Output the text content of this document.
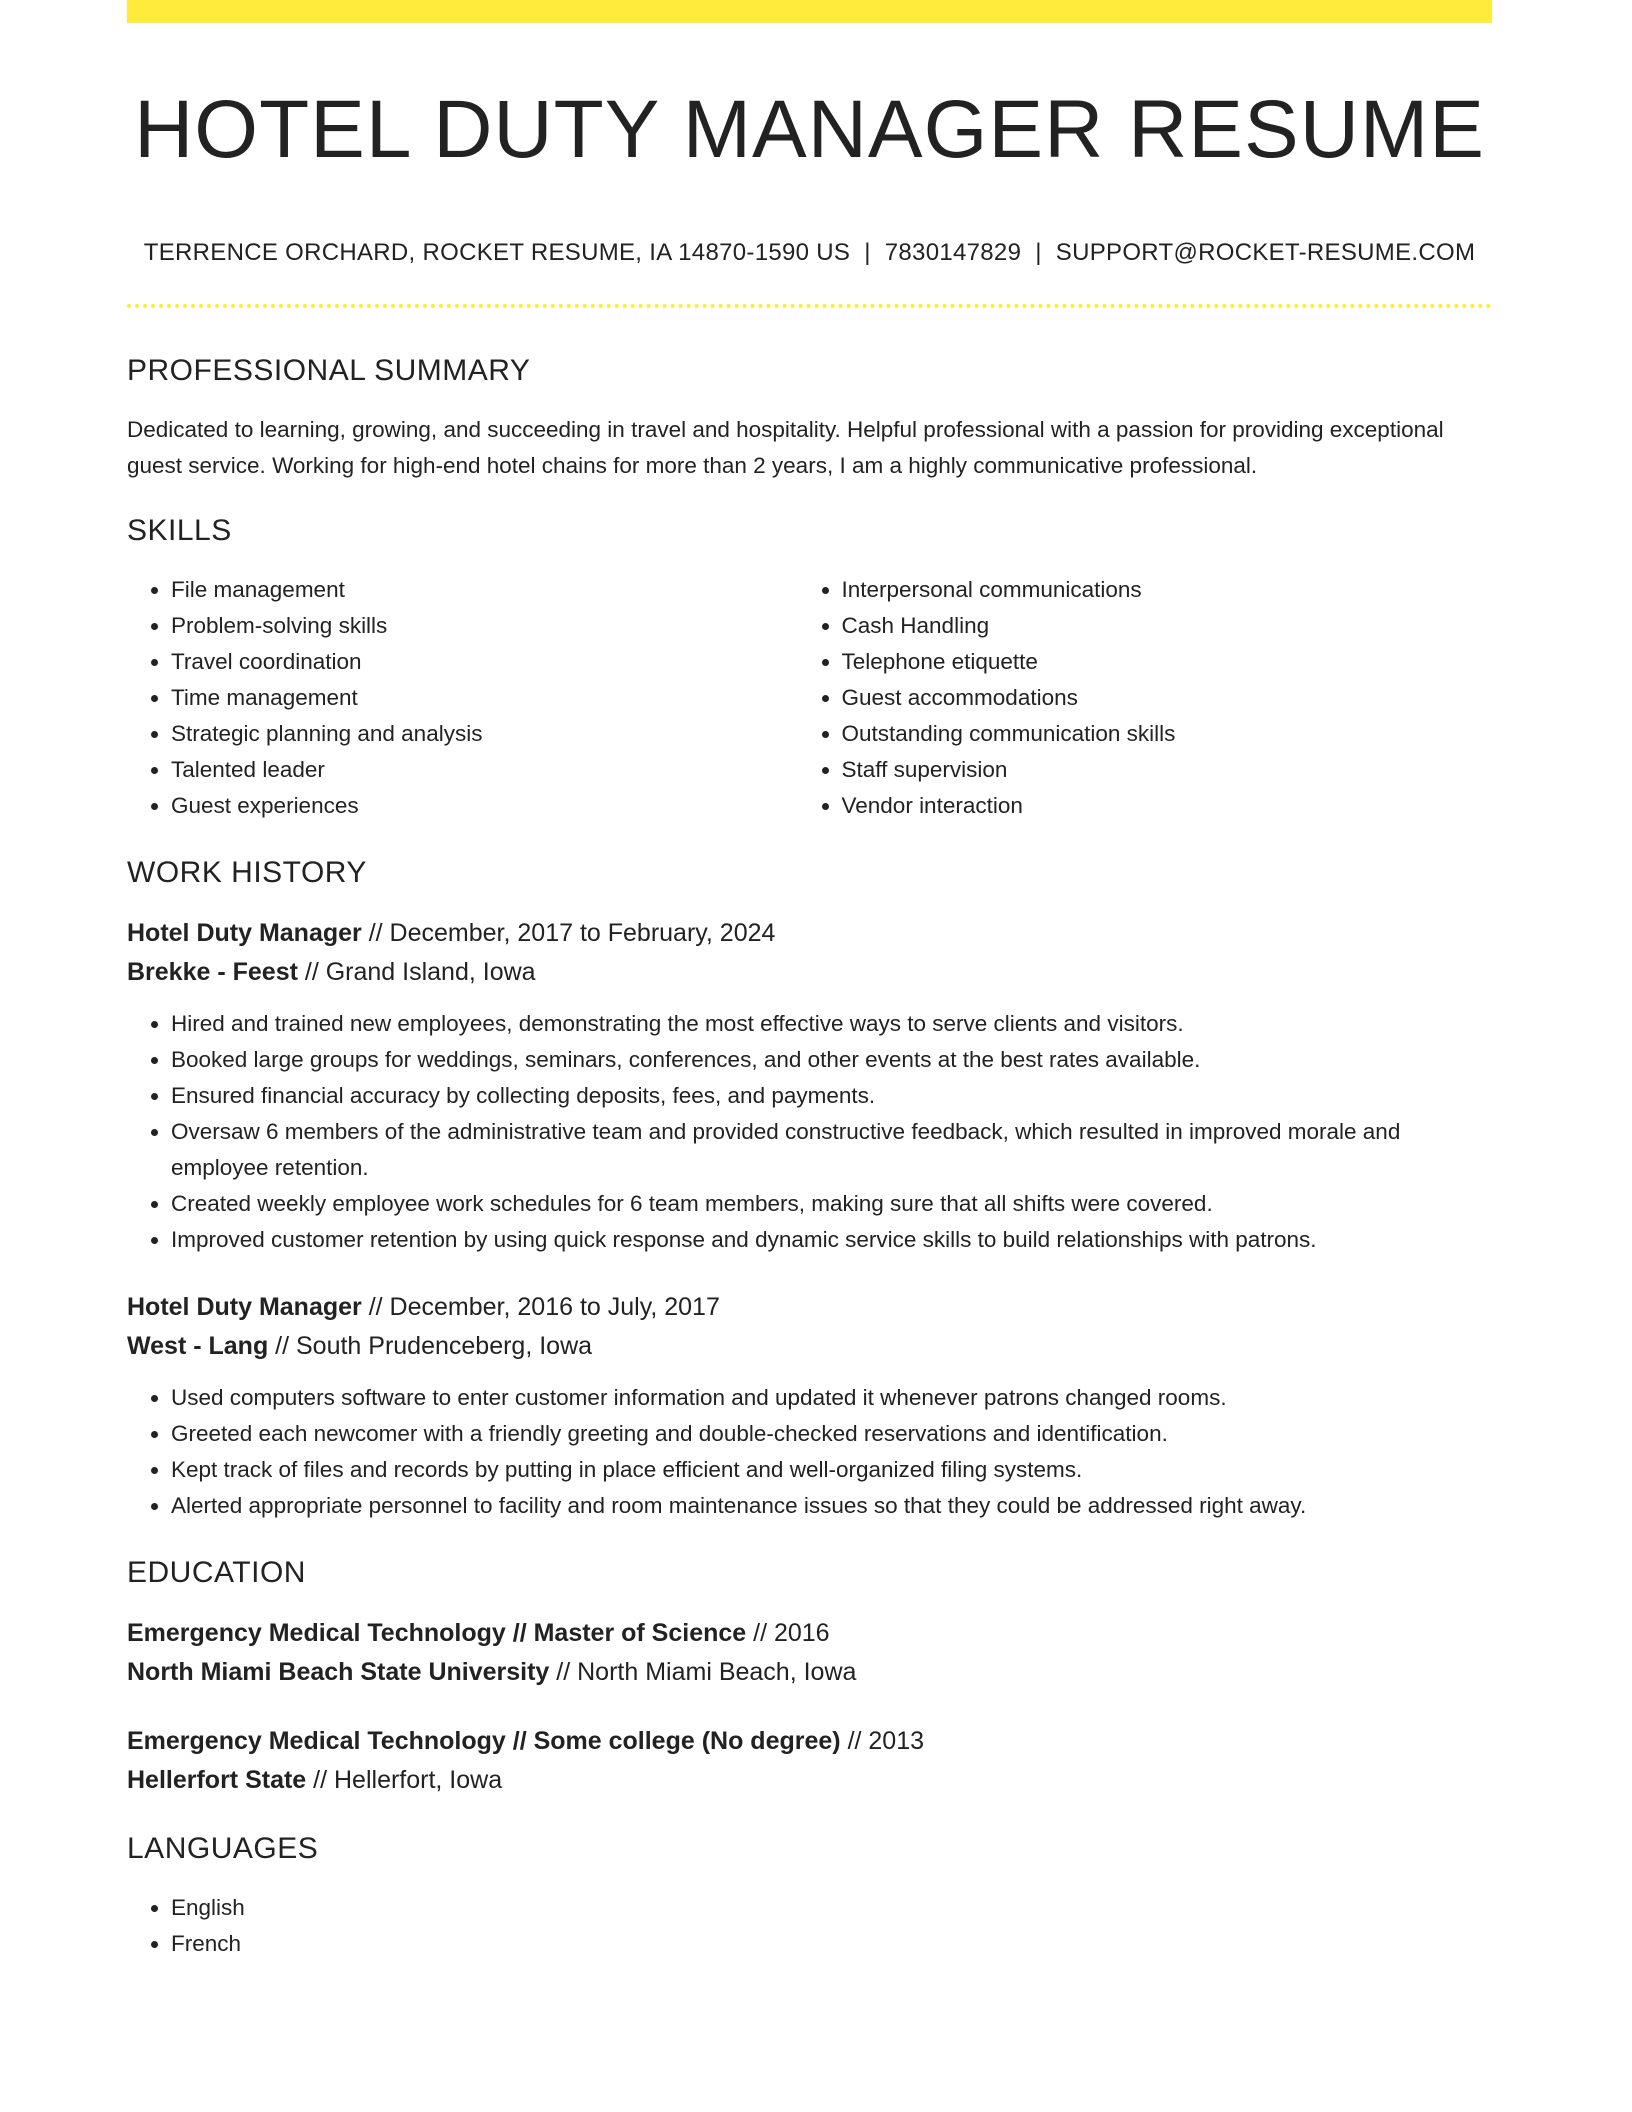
HOTEL DUTY MANAGER RESUME
TERRENCE ORCHARD, ROCKET RESUME, IA 14870-1590 US | 7830147829 | SUPPORT@ROCKET-RESUME.COM
PROFESSIONAL SUMMARY

Dedicated to learning, growing, and succeeding in travel and hospitality. Helpful professional with a passion for providing exceptional guest service. Working for high-end hotel chains for more than 2 years, I am a highly communicative professional.

SKILLS
• File management
• Problem-solving skills
• Travel coordination
• Time management
• Strategic planning and analysis
• Talented leader
• Guest experiences
• Interpersonal communications
• Cash Handling
• Telephone etiquette
• Guest accommodations
• Outstanding communication skills
• Staff supervision
• Vendor interaction
WORK HISTORY
Hotel Duty Manager // December, 2017 to February, 2024
Brekke - Feest // Grand Island, Iowa
• Hired and trained new employees, demonstrating the most effective ways to serve clients and visitors.
• Booked large groups for weddings, seminars, conferences, and other events at the best rates available.
• Ensured financial accuracy by collecting deposits, fees, and payments.
• Oversaw 6 members of the administrative team and provided constructive feedback, which resulted in improved morale and employee retention.
• Created weekly employee work schedules for 6 team members, making sure that all shifts were covered.
• Improved customer retention by using quick response and dynamic service skills to build relationships with patrons.
Hotel Duty Manager // December, 2016 to July, 2017
West - Lang // South Prudenceberg, Iowa
• Used computers software to enter customer information and updated it whenever patrons changed rooms.
• Greeted each newcomer with a friendly greeting and double-checked reservations and identification.
• Kept track of files and records by putting in place efficient and well-organized filing systems.
• Alerted appropriate personnel to facility and room maintenance issues so that they could be addressed right away.
EDUCATION
Emergency Medical Technology // Master of Science // 2016
North Miami Beach State University // North Miami Beach, Iowa
Emergency Medical Technology // Some college (No degree) // 2013
Hellerfort State // Hellerfort, Iowa
LANGUAGES
• English
• French
